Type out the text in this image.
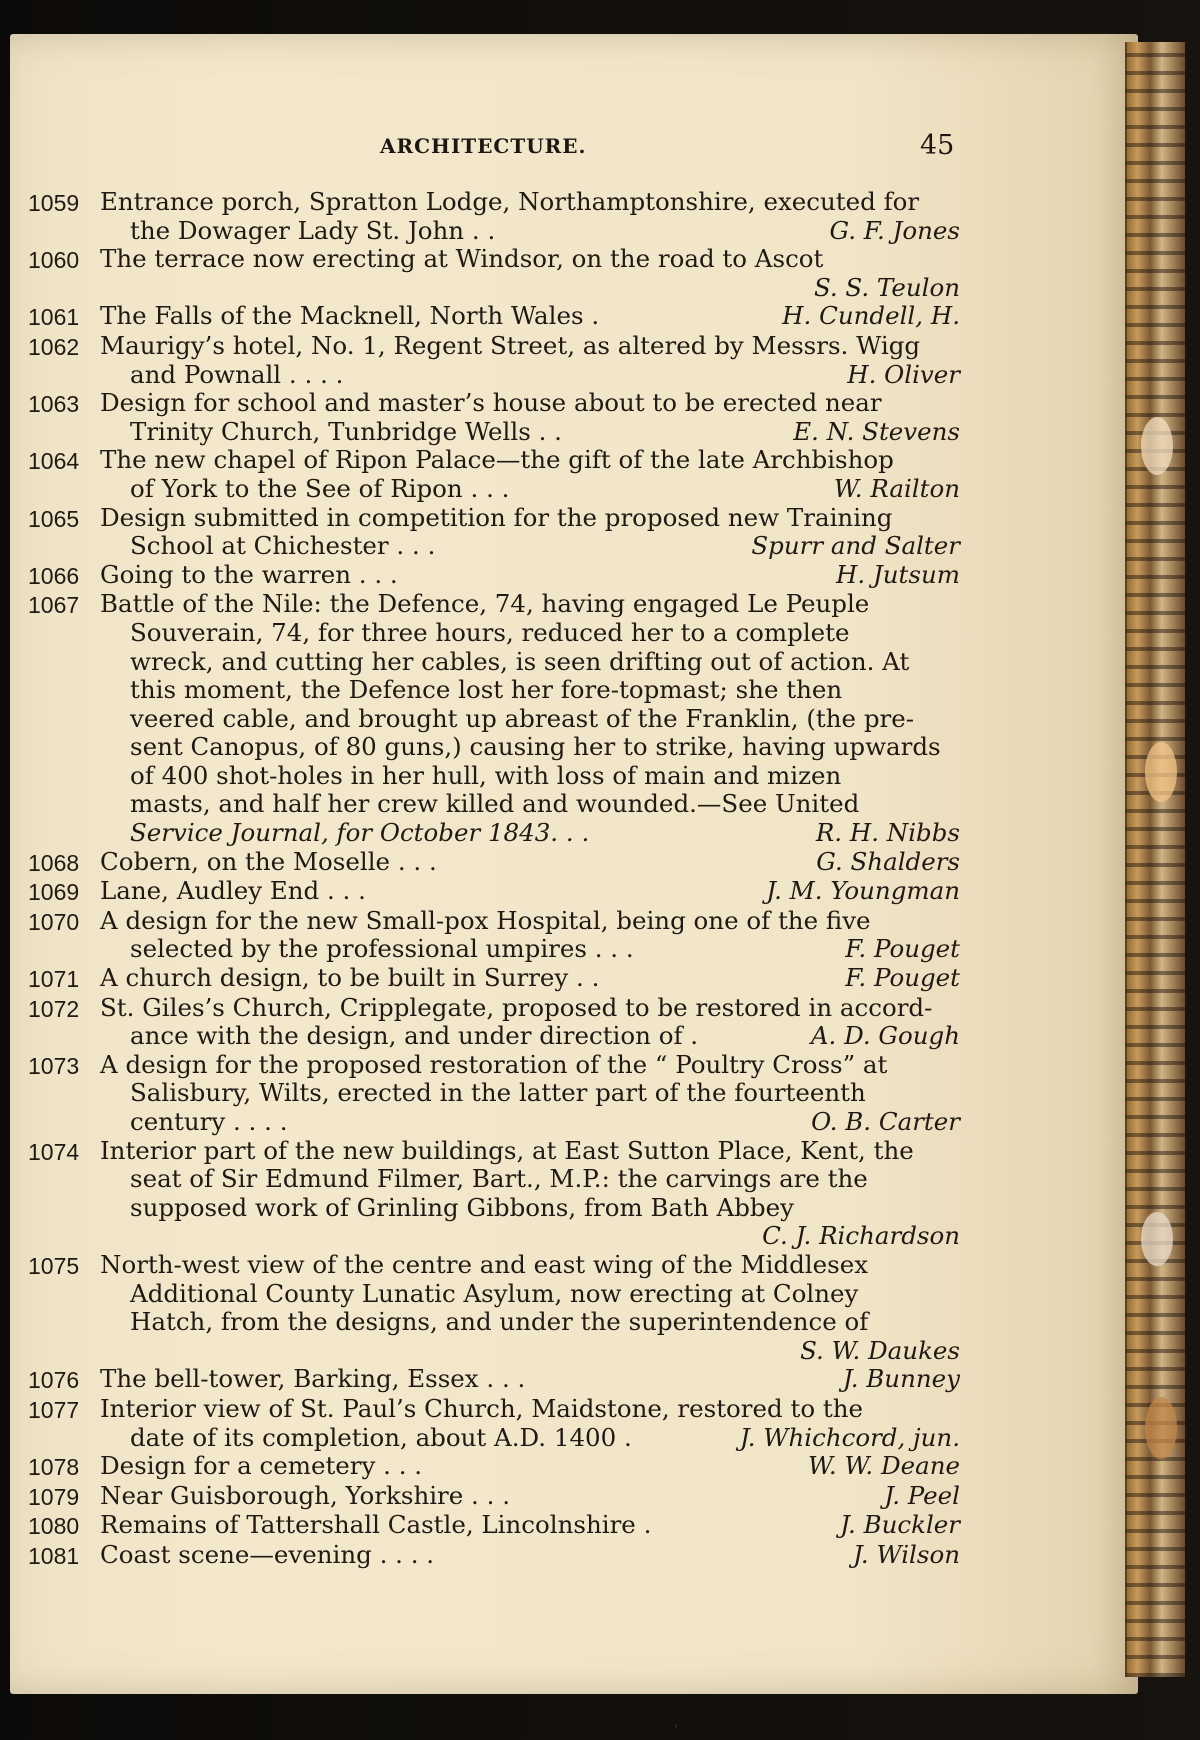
ARCHITECTURE.	45
1059 Entrance porch, Spratton Lodge, Northamptonshire, executed for
the Dowager Lady St. John . .	G. F. Jones
1060 The terrace now erecting at Windsor, on the road to Ascot
S. S. Teulon
1061 The Falls of the Macknell, North Wales .	H. Cundell, H.
1062 Maurigy’s hotel, No. 1, Regent Street, as altered by Messrs. Wigg
and Pownall . . . .	H. Oliver
1063 Design for school and master’s house about to be erected near
Trinity Church, Tunbridge Wells . .	E. N. Stevens
1064 The new chapel of Ripon Palace—the gift of the late Archbishop
of York to the See of Ripon . . .	W. Railton
1065 Design submitted in competition for the proposed new Training
School at Chichester . . .	Spurr and Salter
1066 Going to the warren . . .	H. Jutsum
1067 Battle of the Nile: the Defence, 74, having engaged Le Peuple
Souverain, 74, for three hours, reduced her to a complete
wreck, and cutting her cables, is seen drifting out of action. At
this moment, the Defence lost her fore-topmast; she then
veered cable, and brought up abreast of the Franklin, (the pre-
sent Canopus, of 80 guns,) causing her to strike, having upwards
of 400 shot-holes in her hull, with loss of main and mizen
masts, and half her crew killed and wounded.—See United
Service Journal, for October 1843. . .	R. H. Nibbs
1068 Cobern, on the Moselle . . .	G. Shalders
1069 Lane, Audley End . . .	J. M. Youngman
1070 A design for the new Small-pox Hospital, being one of the five
selected by the professional umpires . . .	F. Pouget
1071 A church design, to be built in Surrey . .	F. Pouget
1072 St. Giles’s Church, Cripplegate, proposed to be restored in accord-
ance with the design, and under direction of .	A. D. Gough
1073 A design for the proposed restoration of the “ Poultry Cross” at
Salisbury, Wilts, erected in the latter part of the fourteenth
century . . . .	O. B. Carter
1074 Interior part of the new buildings, at East Sutton Place, Kent, the
seat of Sir Edmund Filmer, Bart., M.P.: the carvings are the
supposed work of Grinling Gibbons, from Bath Abbey
C. J. Richardson
1075 North-west view of the centre and east wing of the Middlesex
Additional County Lunatic Asylum, now erecting at Colney
Hatch, from the designs, and under the superintendence of
S. W. Daukes
1076 The bell-tower, Barking, Essex . . .	J. Bunney
1077 Interior view of St. Paul’s Church, Maidstone, restored to the
date of its completion, about A.D. 1400 .	J. Whichcord, jun.
1078 Design for a cemetery . . .	W. W. Deane
1079 Near Guisborough, Yorkshire . . .	J. Peel
1080 Remains of Tattershall Castle, Lincolnshire .	J. Buckler
1081 Coast scene—evening . . . .	J. Wilson
